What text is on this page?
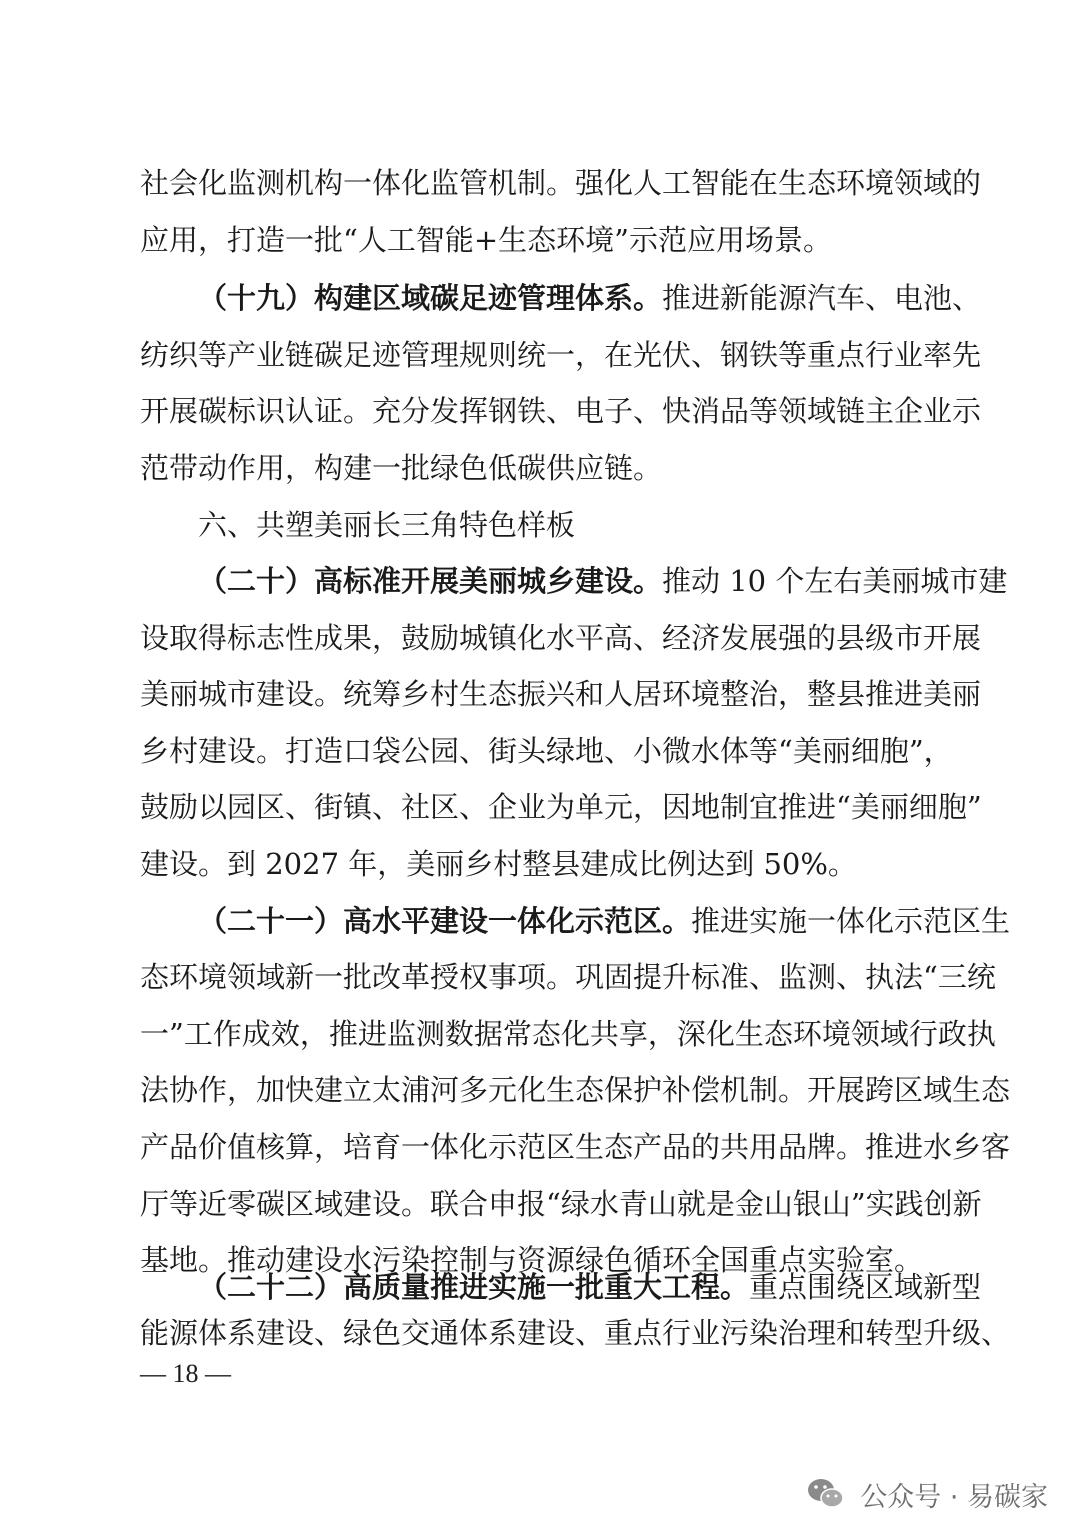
社会化监测机构一体化监管机制。强化人工智能在生态环境领域的
应用，打造一批“人工智能+生态环境”示范应用场景。
（十九）构建区域碳足迹管理体系。推进新能源汽车、电池、
纺织等产业链碳足迹管理规则统一，在光伏、钢铁等重点行业率先
开展碳标识认证。充分发挥钢铁、电子、快消品等领域链主企业示
范带动作用，构建一批绿色低碳供应链。
六、共塑美丽长三角特色样板
（二十）高标准开展美丽城乡建设。推动 10 个左右美丽城市建
设取得标志性成果，鼓励城镇化水平高、经济发展强的县级市开展
美丽城市建设。统筹乡村生态振兴和人居环境整治，整县推进美丽
乡村建设。打造口袋公园、街头绿地、小微水体等“美丽细胞”，
鼓励以园区、街镇、社区、企业为单元，因地制宜推进“美丽细胞”
建设。到 2027 年，美丽乡村整县建成比例达到 50%。
（二十一）高水平建设一体化示范区。推进实施一体化示范区生
态环境领域新一批改革授权事项。巩固提升标准、监测、执法“三统
一”工作成效，推进监测数据常态化共享，深化生态环境领域行政执
法协作，加快建立太浦河多元化生态保护补偿机制。开展跨区域生态
产品价值核算，培育一体化示范区生态产品的共用品牌。推进水乡客
厅等近零碳区域建设。联合申报“绿水青山就是金山银山”实践创新
基地。推动建设水污染控制与资源绿色循环全国重点实验室。
（二十二）高质量推进实施一批重大工程。重点围绕区域新型
能源体系建设、绿色交通体系建设、重点行业污染治理和转型升级、
— 18 —
公众号 · 易碳家
